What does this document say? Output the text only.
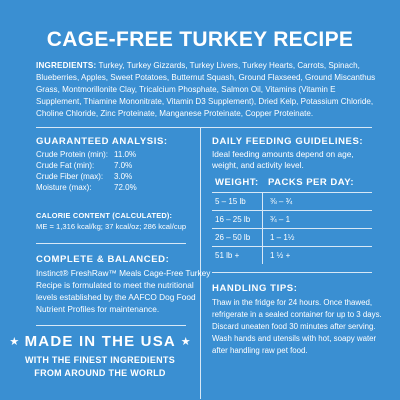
CAGE-FREE TURKEY RECIPE
INGREDIENTS: Turkey, Turkey Gizzards, Turkey Livers, Turkey Hearts, Carrots, Spinach, Blueberries, Apples, Sweet Potatoes, Butternut Squash, Ground Flaxseed, Ground Miscanthus Grass, Montmorillonite Clay, Tricalcium Phosphate, Salmon Oil, Vitamins (Vitamin E Supplement, Thiamine Mononitrate, Vitamin D3 Supplement), Dried Kelp, Potassium Chloride, Choline Chloride, Zinc Proteinate, Manganese Proteinate, Copper Proteinate.
GUARANTEED ANALYSIS:
Crude Protein (min): 11.0%
Crude Fat (min): 7.0%
Crude Fiber (max): 3.0%
Moisture (max):	72.0%
CALORIE CONTENT (CALCULATED):
ME = 1,316 kcal/kg; 37 kcal/oz; 286 kcal/cup
COMPLETE & BALANCED:
Instinct® FreshRaw™ Meals Cage-Free Turkey
Recipe is formulated to meet the nutritional
levels established by the AAFCO Dog Food
Nutrient Profiles for maintenance.
★ MADE IN THE USA ★
WITH THE FINEST INGREDIENTS
FROM AROUND THE WORLD
DAILY FEEDING GUIDELINES:
Ideal feeding amounts depend on age,
weight, and activity level.
WEIGHT: PACKS PER DAY:
5 – 15 lb	⅜ – ¾
16 – 25 lb ¾ – 1
26 – 50 lb 1 – 1½
51 lb +	1 ½ +
HANDLING TIPS:
Thaw in the fridge for 24 hours. Once thawed,
refrigerate in a sealed container for up to 3 days.
Discard uneaten food 30 minutes after serving.
Wash hands and utensils with hot, soapy water
after handling raw pet food.
